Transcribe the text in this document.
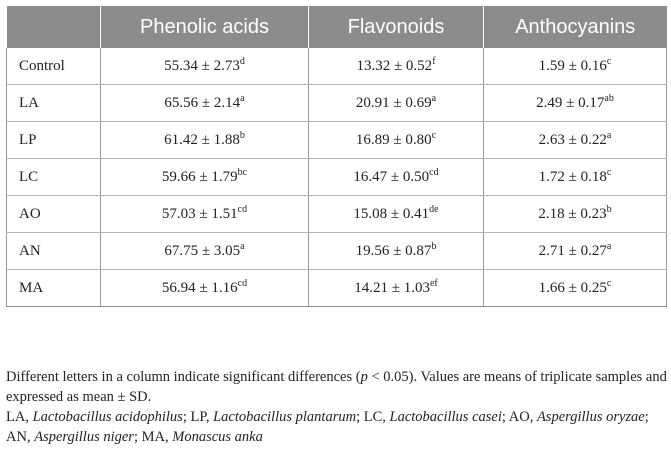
	Phenolic acids	Flavonoids	Anthocyanins
Control	55.34 ± 2.73$^d$	13.32 ± 0.52$^f$	1.59 ± 0.16$^c$
LA	65.56 ± 2.14$^a$	20.91 ± 0.69$^a$	2.49 ± 0.17$^{ab}$
LP	61.42 ± 1.88$^b$	16.89 ± 0.80$^c$	2.63 ± 0.22$^a$
LC	59.66 ± 1.79$^{bc}$	16.47 ± 0.50$^{cd}$	1.72 ± 0.18$^c$
AO	57.03 ± 1.51$^{cd}$	15.08 ± 0.41de	2.18 ± 0.23$^b$
AN	67.75 ± 3.05$^a$	19.56 ± 0.87$^b$	2.71 ± 0.27$^a$
MA	56.94 ± 1.16$^{cd}$	14.21 ± 1.03$^{ef}$	1.66 ± 0.25$^c$

Different letters in a column indicate significant differences (p < 0.05). Values are means of triplicate samples and expressed as mean ± SD.

LA, Lactobacillus acidophilus; LP, Lactobacillus plantarum; LC, Lactobacillus casei; AO, Aspergillus oryzae; AN, Aspergillus niger; MA, Monascus anka
